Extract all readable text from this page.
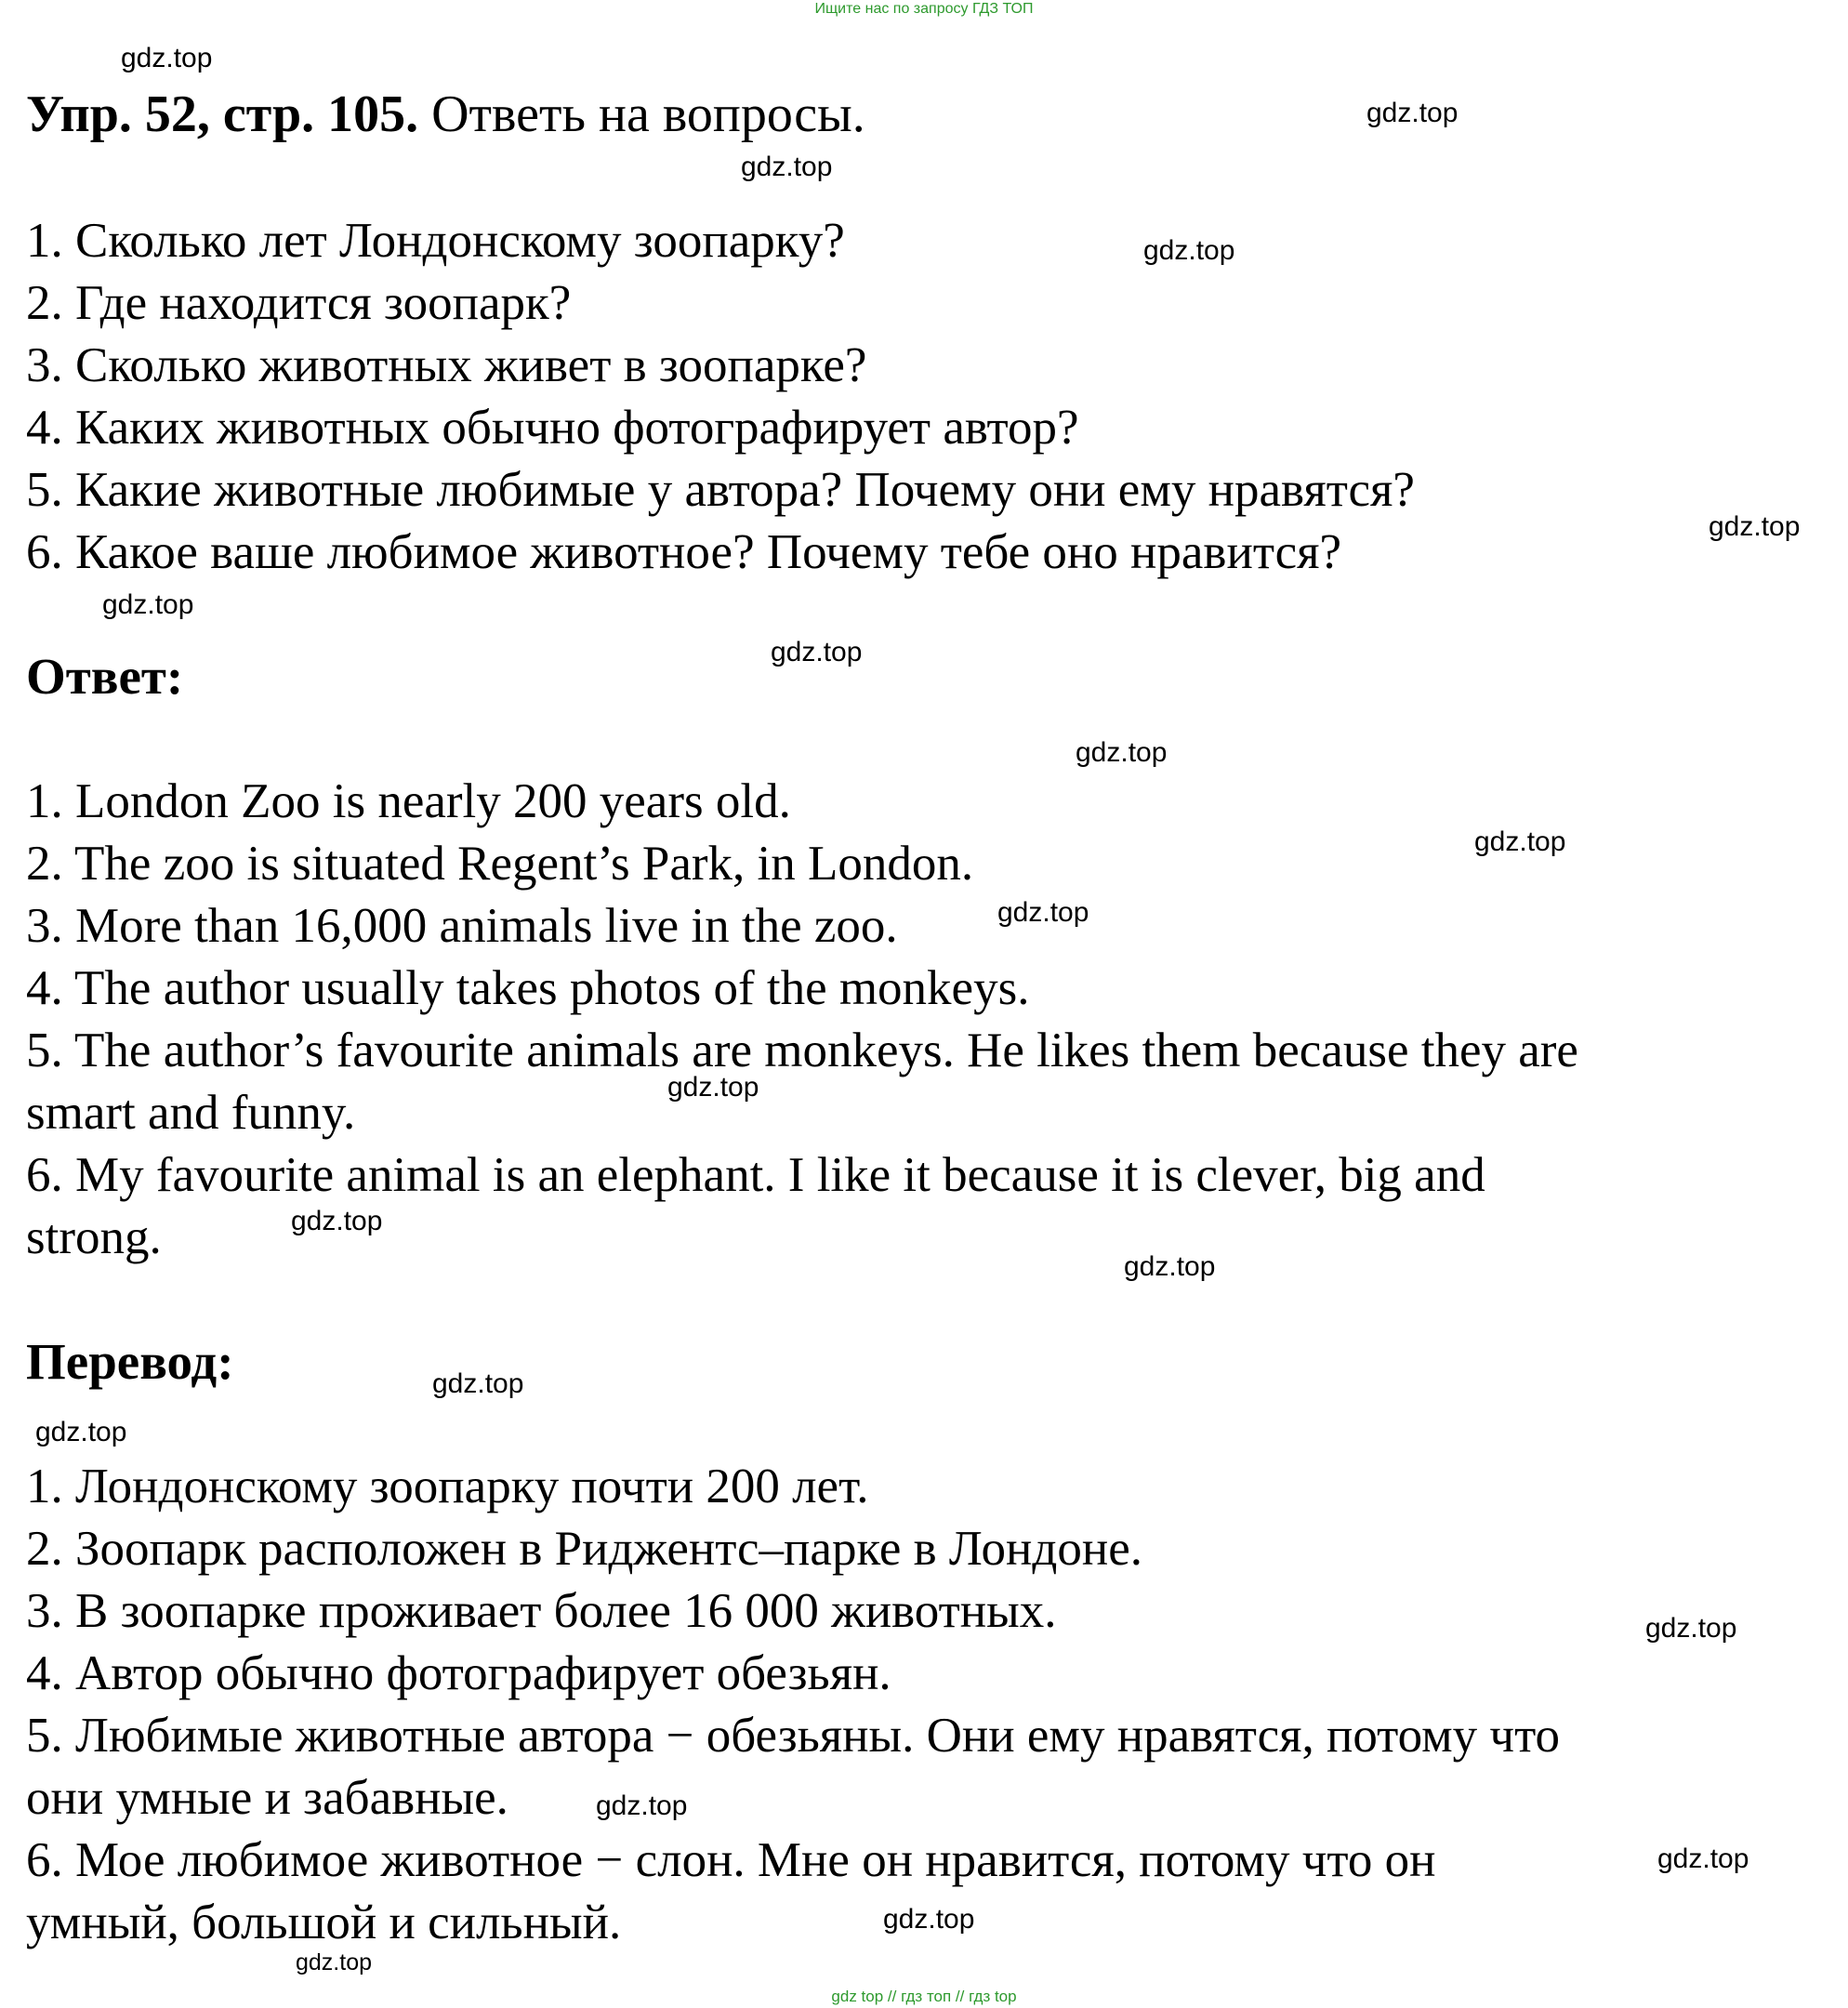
Ищите нас по запросу ГДЗ ТОП
Упр. 52, стр. 105. Ответь на вопросы.
1. Сколько лет Лондонскому зоопарку?
2. Где находится зоопарк?
3. Сколько животных живет в зоопарке?
4. Каких животных обычно фотографирует автор?
5. Какие животные любимые у автора? Почему они ему нравятся?
6. Какое ваше любимое животное? Почему тебе оно нравится?
Ответ:
1. London Zoo is nearly 200 years old.
2. The zoo is situated Regent’s Park, in London.
3. More than 16,000 animals live in the zoo.
4. The author usually takes photos of the monkeys.
5. The author’s favourite animals are monkeys. He likes them because they are
smart and funny.
6. My favourite animal is an elephant. I like it because it is clever, big and
strong.
Перевод:
1. Лондонскому зоопарку почти 200 лет.
2. Зоопарк расположен в Риджентс–парке в Лондоне.
3. В зоопарке проживает более 16 000 животных.
4. Автор обычно фотографирует обезьян.
5. Любимые животные автора − обезьяны. Они ему нравятся, потому что
они умные и забавные.
6. Мое любимое животное − слон. Мне он нравится, потому что он
умный, большой и сильный.
gdz.top
gdz.top
gdz.top
gdz.top
gdz.top
gdz.top
gdz.top
gdz.top
gdz.top
gdz.top
gdz.top
gdz.top
gdz.top
gdz.top
gdz.top
gdz.top
gdz.top
gdz.top
gdz.top
gdz.top
gdz top // гдз топ // гдз top
